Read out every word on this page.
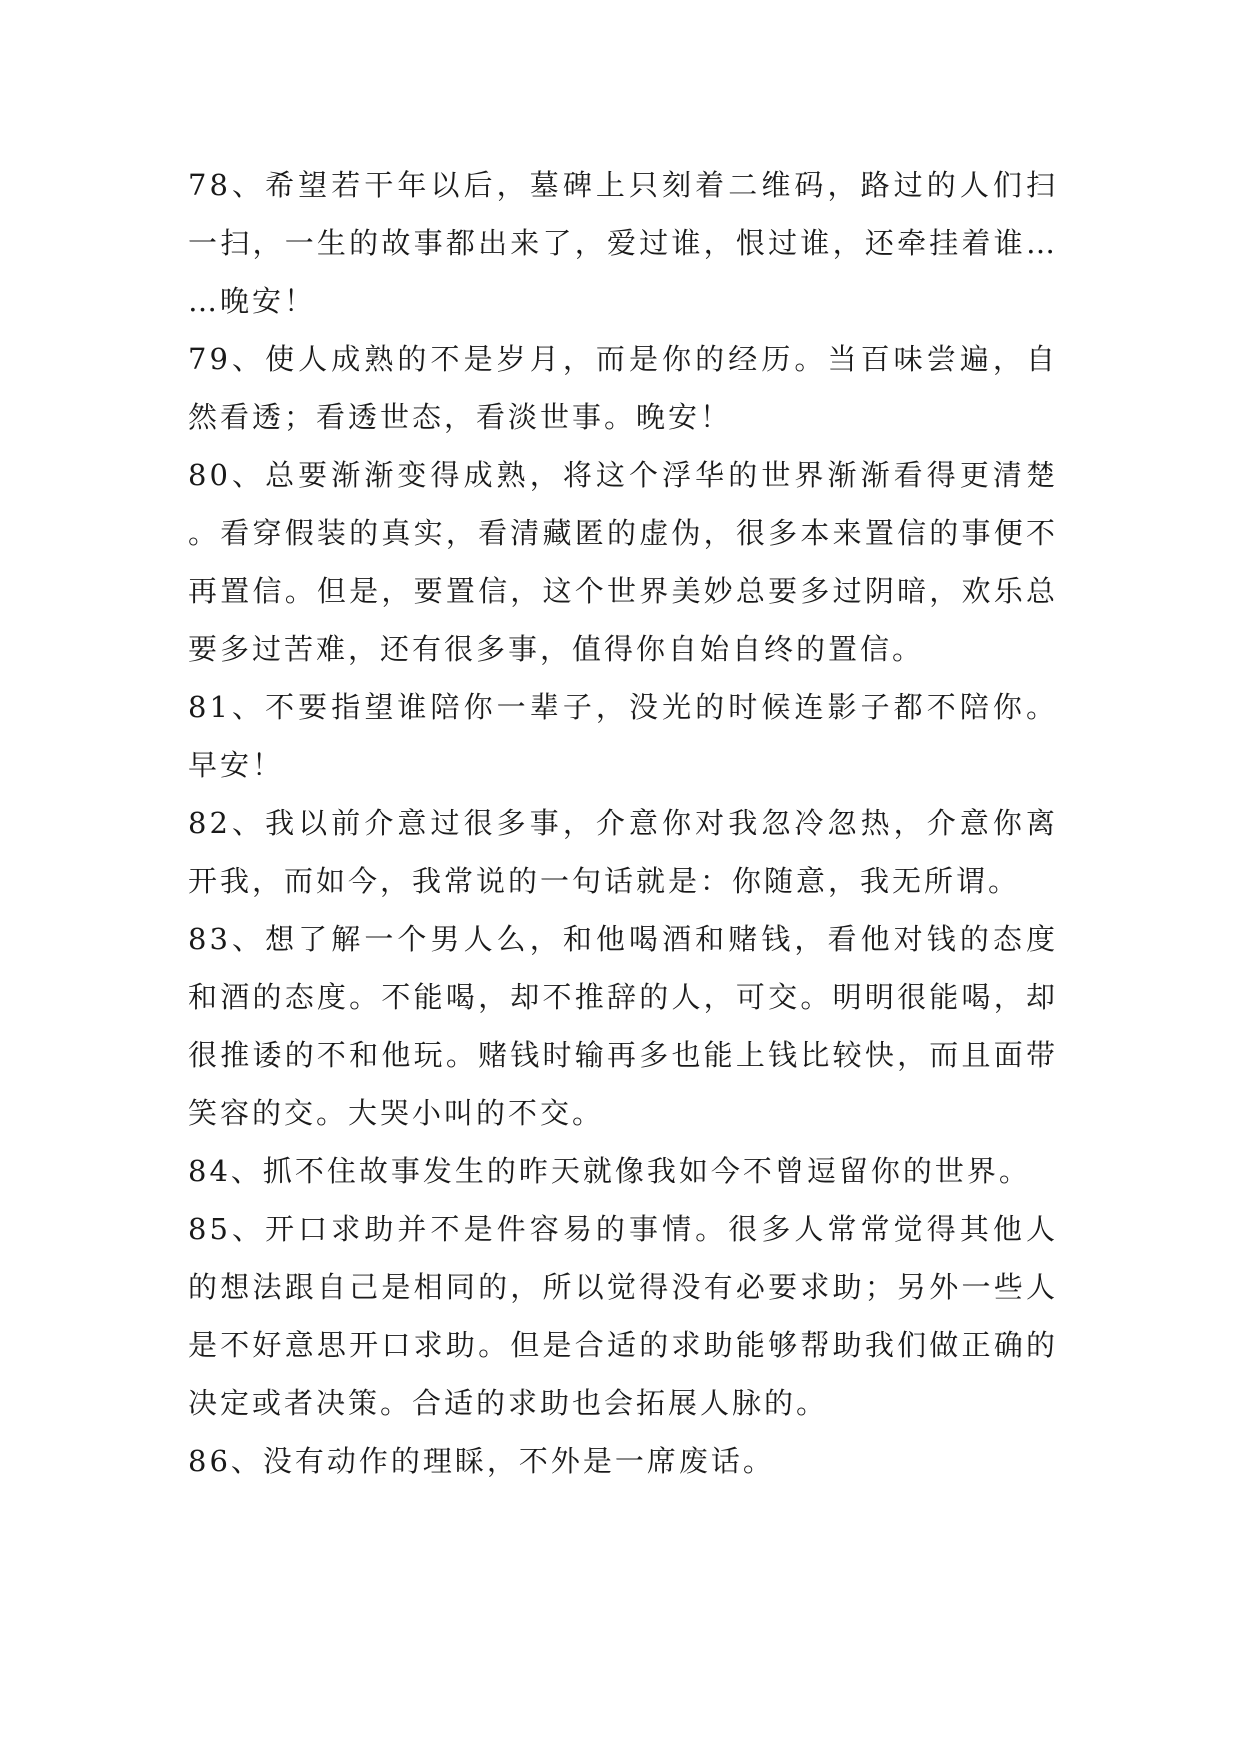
78、希望若干年以后，墓碑上只刻着二维码，路过的人们扫一扫，一生的故事都出来了，爱过谁，恨过谁，还牵挂着谁……晚安！

79、使人成熟的不是岁月，而是你的经历。当百味尝遍，自然看透；看透世态，看淡世事。晚安！

80、总要渐渐变得成熟，将这个浮华的世界渐渐看得更清楚。看穿假装的真实，看清藏匿的虚伪，很多本来置信的事便不再置信。但是，要置信，这个世界美妙总要多过阴暗，欢乐总要多过苦难，还有很多事，值得你自始自终的置信。

81、不要指望谁陪你一辈子，没光的时候连影子都不陪你。早安！

82、我以前介意过很多事，介意你对我忽冷忽热，介意你离开我，而如今，我常说的一句话就是：你随意，我无所谓。

83、想了解一个男人么，和他喝酒和赌钱，看他对钱的态度和酒的态度。不能喝，却不推辞的人，可交。明明很能喝，却很推诿的不和他玩。赌钱时输再多也能上钱比较快，而且面带笑容的交。大哭小叫的不交。

84、抓不住故事发生的昨天就像我如今不曾逗留你的世界。

85、开口求助并不是件容易的事情。很多人常常觉得其他人的想法跟自己是相同的，所以觉得没有必要求助；另外一些人是不好意思开口求助。但是合适的求助能够帮助我们做正确的决定或者决策。合适的求助也会拓展人脉的。

86、没有动作的理睬，不外是一席废话。
